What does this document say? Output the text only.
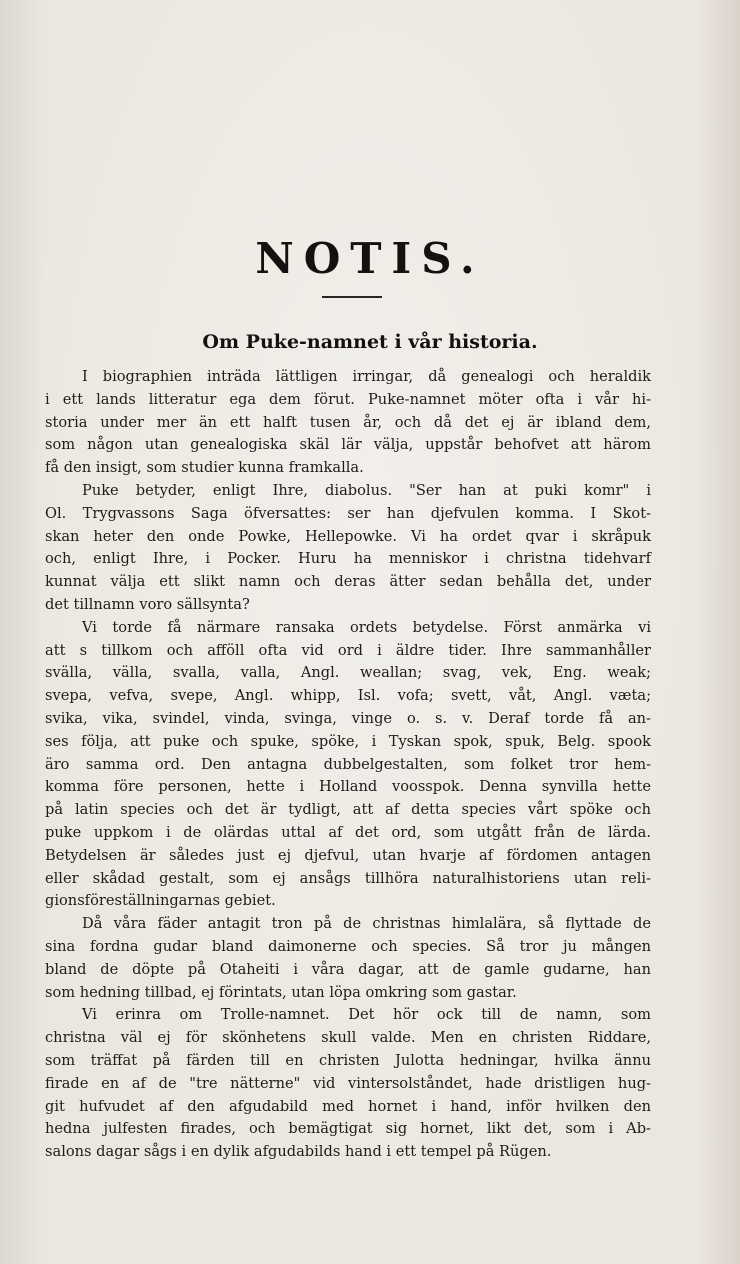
NOTIS.
Om Puke-namnet i vår historia.
I biographien inträda lättligen irringar, då genealogi och heraldik
i ett lands litteratur ega dem förut. Puke-namnet möter ofta i vår hi-
storia under mer än ett halft tusen år, och då det ej är ibland dem,
som någon utan genealogiska skäl lär välja, uppstår behofvet att härom
få den insigt, som studier kunna framkalla.
Puke betyder, enligt Ihre, diabolus. "Ser han at puki komr" i
Ol. Trygvassons Saga öfversattes: ser han djefvulen komma. I Skot-
skan heter den onde Powke, Hellepowke. Vi ha ordet qvar i skråpuk
och, enligt Ihre, i Pocker. Huru ha menniskor i christna tidehvarf
kunnat välja ett slikt namn och deras ätter sedan behålla det, under
det tillnamn voro sällsynta?
Vi torde få närmare ransaka ordets betydelse. Först anmärka vi
att s tillkom och afföll ofta vid ord i äldre tider. Ihre sammanhåller
svälla, välla, svalla, valla, Angl. weallan; svag, vek, Eng. weak;
svepa, vefva, svepe, Angl. whipp, Isl. vofa; svett, våt, Angl. væta;
svika, vika, svindel, vinda, svinga, vinge o. s. v. Deraf torde få an-
ses följa, att puke och spuke, spöke, i Tyskan spok, spuk, Belg. spook
äro samma ord. Den antagna dubbelgestalten, som folket tror hem-
komma före personen, hette i Holland voosspok. Denna synvilla hette
på latin species och det är tydligt, att af detta species vårt spöke och
puke uppkom i de olärdas uttal af det ord, som utgått från de lärda.
Betydelsen är således just ej djefvul, utan hvarje af fördomen antagen
eller skådad gestalt, som ej ansågs tillhöra naturalhistoriens utan reli-
gionsföreställningarnas gebiet.
Då våra fäder antagit tron på de christnas himlalära, så flyttade de
sina fordna gudar bland daimonerne och species. Så tror ju mången
bland de döpte på Otaheiti i våra dagar, att de gamle gudarne, han
som hedning tillbad, ej förintats, utan löpa omkring som gastar.
Vi erinra om Trolle-namnet. Det hör ock till de namn, som
christna väl ej för skönhetens skull valde. Men en christen Riddare,
som träffat på färden till en christen Julotta hedningar, hvilka ännu
firade en af de "tre nätterne" vid vintersolståndet, hade dristligen hug-
git hufvudet af den afgudabild med hornet i hand, inför hvilken den
hedna julfesten firades, och bemägtigat sig hornet, likt det, som i Ab-
salons dagar sågs i en dylik afgudabilds hand i ett tempel på Rügen.
